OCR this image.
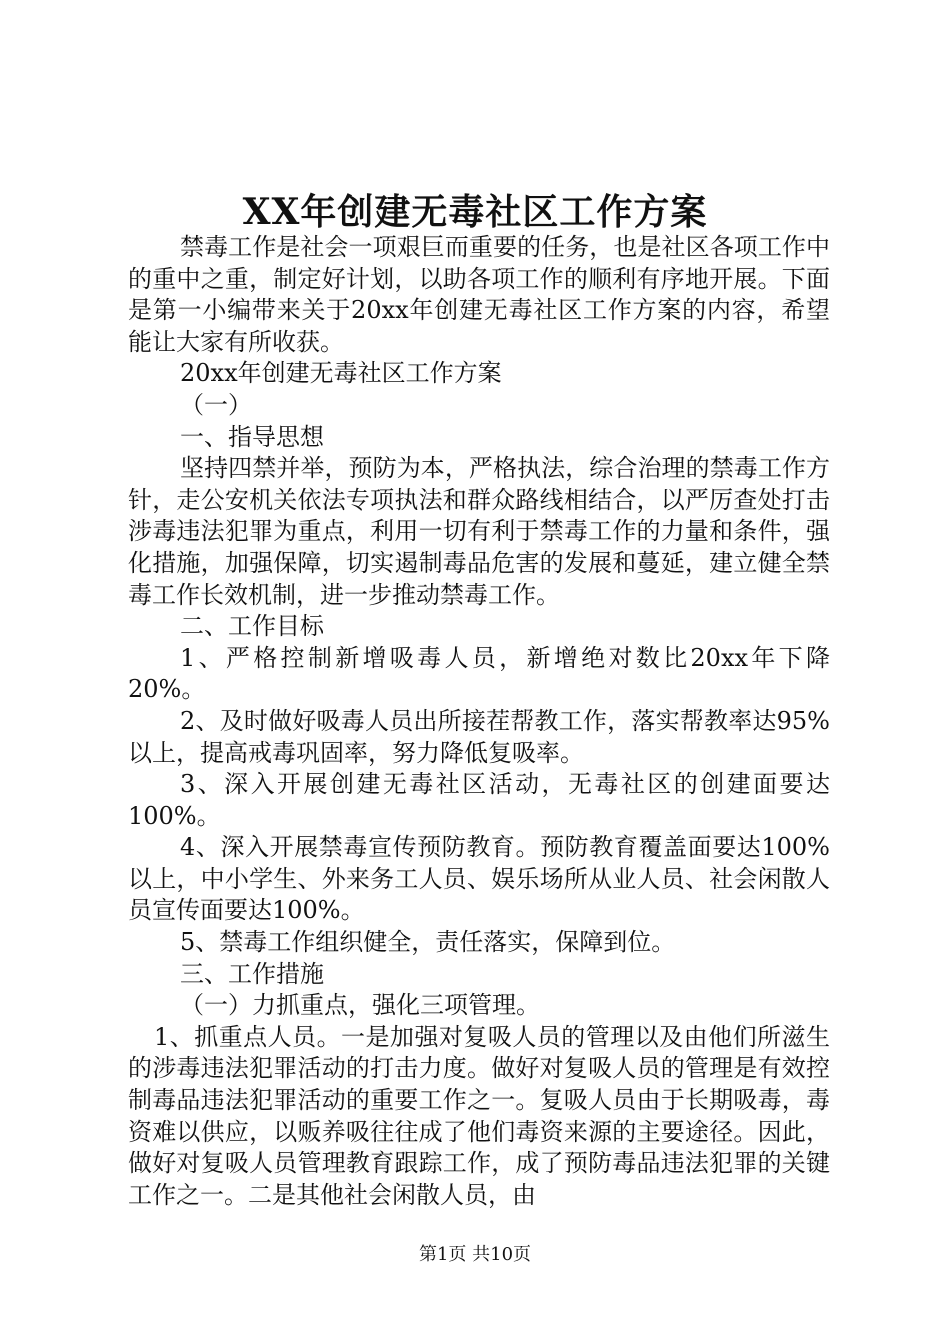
XX年创建无毒社区工作方案

禁毒工作是社会一项艰巨而重要的任务，也是社区各项工作中的重中之重，制定好计划，以助各项工作的顺利有序地开展。下面是第一小编带来关于20xx年创建无毒社区工作方案的内容，希望能让大家有所收获。

20xx年创建无毒社区工作方案

（一）

一、指导思想

坚持四禁并举，预防为本，严格执法，综合治理的禁毒工作方针，走公安机关依法专项执法和群众路线相结合，以严厉查处打击涉毒违法犯罪为重点，利用一切有利于禁毒工作的力量和条件，强化措施，加强保障，切实遏制毒品危害的发展和蔓延，建立健全禁毒工作长效机制，进一步推动禁毒工作。

二、工作目标

1、严格控制新增吸毒人员，新增绝对数比20xx年下降20%。

2、及时做好吸毒人员出所接茬帮教工作，落实帮教率达95%以上，提高戒毒巩固率，努力降低复吸率。

3、深入开展创建无毒社区活动，无毒社区的创建面要达100%。

4、深入开展禁毒宣传预防教育。预防教育覆盖面要达100%以上，中小学生、外来务工人员、娱乐场所从业人员、社会闲散人员宣传面要达100%。

5、禁毒工作组织健全，责任落实，保障到位。

三、工作措施

（一）力抓重点，强化三项管理。

1、抓重点人员。一是加强对复吸人员的管理以及由他们所滋生的涉毒违法犯罪活动的打击力度。做好对复吸人员的管理是有效控制毒品违法犯罪活动的重要工作之一。复吸人员由于长期吸毒，毒资难以供应，以贩养吸往往成了他们毒资来源的主要途径。因此，做好对复吸人员管理教育跟踪工作，成了预防毒品违法犯罪的关键工作之一。二是其他社会闲散人员，由

第1页 共10页
